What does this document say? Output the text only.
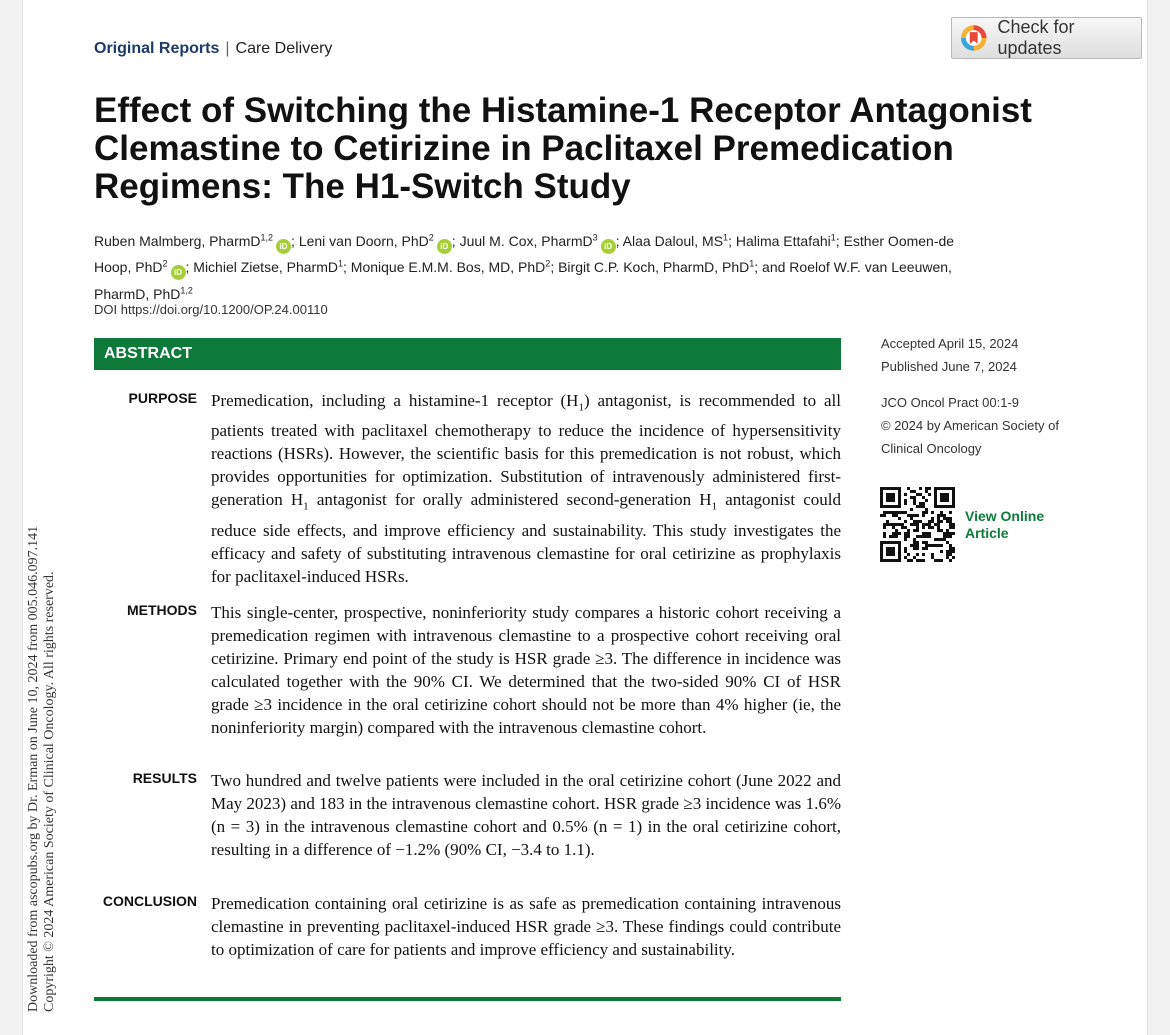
Downloaded from ascopubs.org by Dr. Erman on June 10, 2024 from 005.046.097.141 Copyright © 2024 American Society of Clinical Oncology. All rights reserved.
Original Reports | Care Delivery
Check for updates
Effect of Switching the Histamine-1 Receptor Antagonist Clemastine to Cetirizine in Paclitaxel Premedication Regimens: The H1-Switch Study
Ruben Malmberg, PharmD$^{1,2}$iD ; Leni van Doorn, PhD$^2$iD ; Juul M. Cox, PharmD$^3$iD ; Alaa Daloul, $MS^1$; Halima Ettafahi$^1$; Esther Oomen-de Hoop, PhD$^2$iD ; Michiel Zietse, PharmD$^1$; Monique E.M.M. Bos, MD, PhD$^2$; Birgit C.P. Koch, PharmD, PhD$^1$; and Roelof W.F. van Leeuwen, PharmD, PhD$^{1,2}$
DOI https://doi.org/10.1200/OP.24.00110
ABSTRACT
PURPOSE Premedication, including a histamine-1 receptor $(H_1)$ antagonist, is recommended to all patients treated with paclitaxel chemotherapy to reduce the incidence of hypersensitivity reactions (HSRs). However, the scientific basis for this premedication is not robust, which provides opportunities for optimization. Substitution of intravenously administered first-generation $H_1$ antagonist for orally administered second-generation $H_1$ antagonist could reduce side effects, and improve efficiency and sustainability. This study investigates the efficacy and safety of substituting intravenous clemastine for oral cetirizine as prophylaxis for paclitaxel-induced HSRs.

METHODS This single-center, prospective, noninferiority study compares a historic cohort receiving a premedication regimen with intravenous clemastine to a prospective cohort receiving oral cetirizine. Primary end point of the study is HSR grade ≥3. The difference in incidence was calculated together with the 90% CI. We determined that the two-sided 90% CI of HSR grade ≥3 incidence in the oral cetirizine cohort should not be more than 4% higher (ie, the noninferiority margin) compared with the intravenous clemastine cohort.

RESULTS Two hundred and twelve patients were included in the oral cetirizine cohort (June 2022 and May 2023) and 183 in the intravenous clemastine cohort. HSR grade ≥3 incidence was 1.6% (n = 3) in the intravenous clemastine cohort and 0.5% (n = 1) in the oral cetirizine cohort, resulting in a difference of −1.2% (90% CI, −3.4 to 1.1).

CONCLUSION Premedication containing oral cetirizine is as safe as premedication containing intravenous clemastine in preventing paclitaxel-induced HSR grade ≥3. These findings could contribute to optimization of care for patients and improve efficiency and sustainability.

Accepted April 15, 2024
Published June 7, 2024
JCO Oncol Pract 00:1-9
© 2024 by American Society of
Clinical Oncology
View Online
Article
